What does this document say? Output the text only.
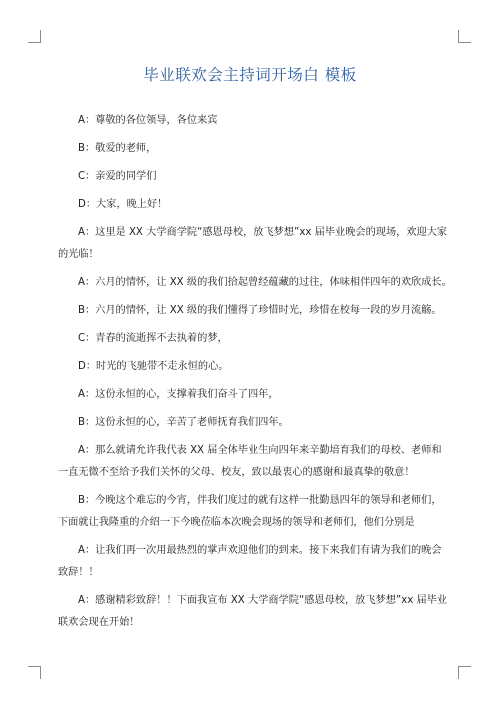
毕业联欢会主持词开场白 模板

A：尊敬的各位领导，各位来宾

B：敬爱的老师，

C：亲爱的同学们

D：大家，晚上好！

A：这里是 XX 大学商学院“感恩母校，放飞梦想”xx 届毕业晚会的现场，欢迎大家的光临！

A：六月的情怀，让 XX 级的我们拾起曾经蕴藏的过往，体味相伴四年的欢欣成长。

B：六月的情怀，让 XX 级的我们懂得了珍惜时光，珍惜在校每一段的岁月流觞。

C：青春的流逝挥不去执着的梦，

D：时光的飞驰带不走永恒的心。

A：这份永恒的心，支撑着我们奋斗了四年，

B：这份永恒的心，辛苦了老师抚育我们四年。

A：那么就请允许我代表 XX 届全体毕业生向四年来辛勤培育我们的母校、老师和一直无微不至给予我们关怀的父母、校友，致以最衷心的感谢和最真挚的敬意！

B：今晚这个难忘的今宵，伴我们度过的就有这样一批勤恳四年的领导和老师们，下面就让我隆重的介绍一下今晚莅临本次晚会现场的领导和老师们，他们分别是

A：让我们再一次用最热烈的掌声欢迎他们的到来。接下来我们有请为我们的晚会致辞！！

A：感谢精彩致辞！！下面我宣布 XX 大学商学院“感恩母校，放飞梦想”xx 届毕业联欢会现在开始！
